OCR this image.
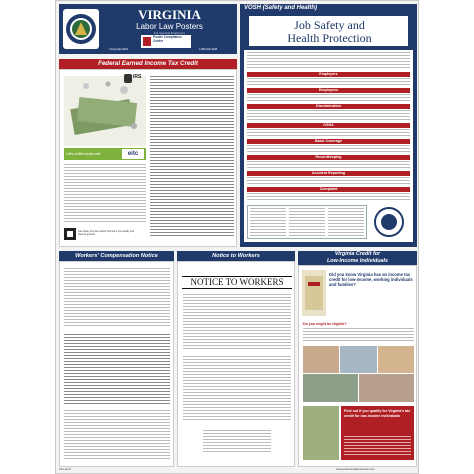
VIRGINIA
Labor Law Posters
For General Employers
Poster Compliance Center
©copyright 2019	1-800-322-2038
Federal Earned Income Tax Credit
IRS
Life's a little easier with	eitc
Get inside your tax refund! Find out if you qualify visit www.irs.gov/eitc
VOSH (Safety and Health)
Job Safety and
Health Protection
Employers
Employees
Discrimination
OSHA
Basic Coverage
Recordkeeping
Accident Reporting
Complaint
Workers' Compensation Notice	Notice to Workers
NOTICE TO WORKERS
Virginia Credit for
Low-Income Individuals
Did you know Virginia has an income tax credit for low-income, working individuals and families?
Do you might be eligible?
Find out if you qualify for Virginia's tax credit for low-income individuals
VA-1-E-19	www.posterconpliancecenter.com
